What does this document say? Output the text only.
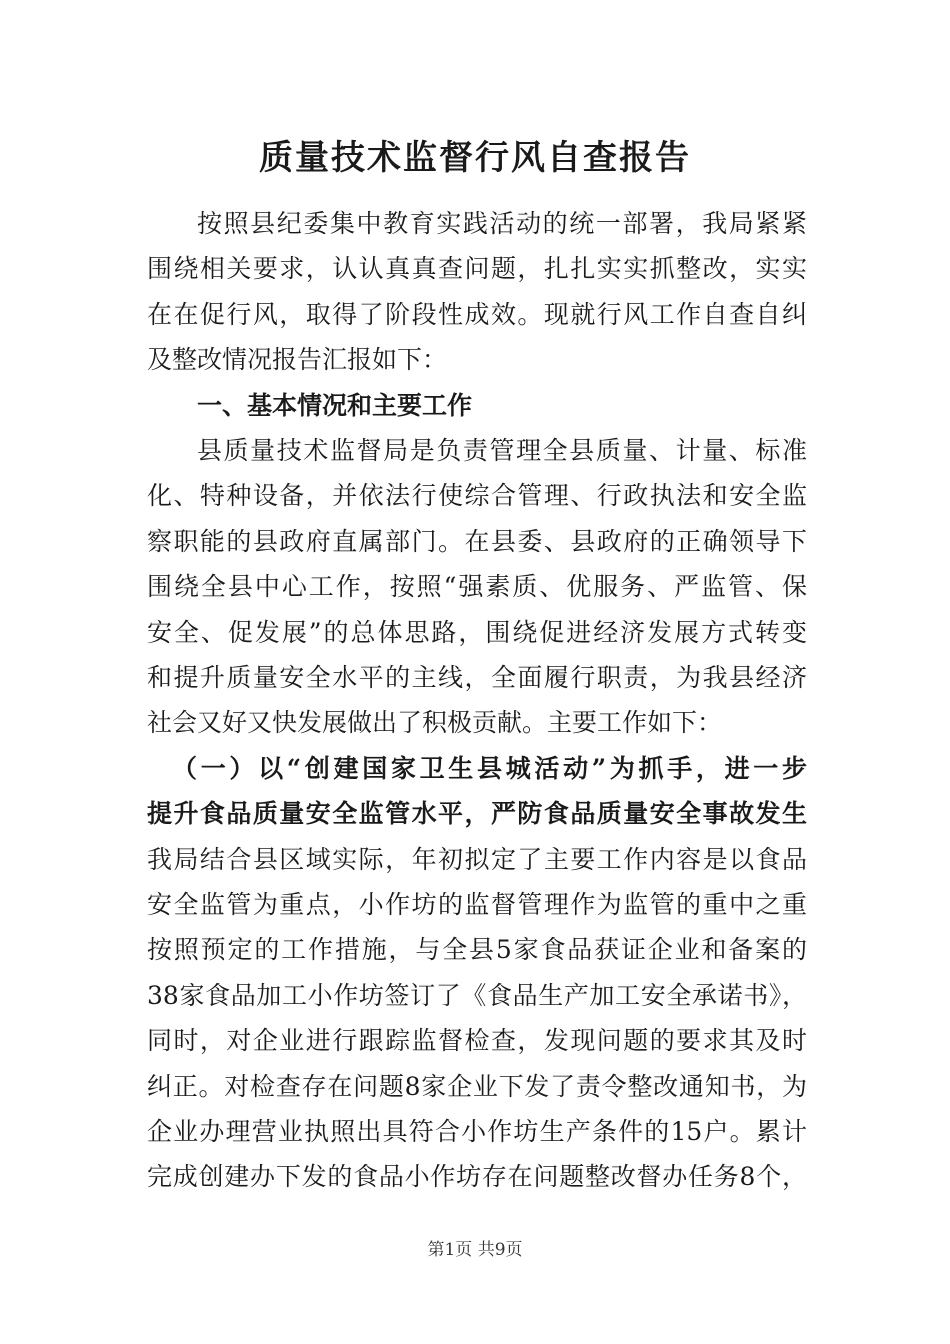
质量技术监督行风自查报告

按照县纪委集中教育实践活动的统一部署，我局紧紧

围绕相关要求，认认真真查问题，扎扎实实抓整改，实实

在在促行风，取得了阶段性成效。现就行风工作自查自纠

及整改情况报告汇报如下：

一、基本情况和主要工作

县质量技术监督局是负责管理全县质量、计量、标准

化、特种设备，并依法行使综合管理、行政执法和安全监

察职能的县政府直属部门。在县委、县政府的正确领导下

围绕全县中心工作，按照“强素质、优服务、严监管、保

安全、促发展”的总体思路，围绕促进经济发展方式转变

和提升质量安全水平的主线，全面履行职责，为我县经济

社会又好又快发展做出了积极贡献。主要工作如下：

（一）以“创建国家卫生县城活动”为抓手，进一步

提升食品质量安全监管水平，严防食品质量安全事故发生

我局结合县区域实际，年初拟定了主要工作内容是以食品

安全监管为重点，小作坊的监督管理作为监管的重中之重

按照预定的工作措施，与全县5家食品获证企业和备案的

38家食品加工小作坊签订了《食品生产加工安全承诺书》，

同时，对企业进行跟踪监督检查，发现问题的要求其及时

纠正。对检查存在问题8家企业下发了责令整改通知书，为

企业办理营业执照出具符合小作坊生产条件的15户。累计

完成创建办下发的食品小作坊存在问题整改督办任务8个，

第1页 共9页
